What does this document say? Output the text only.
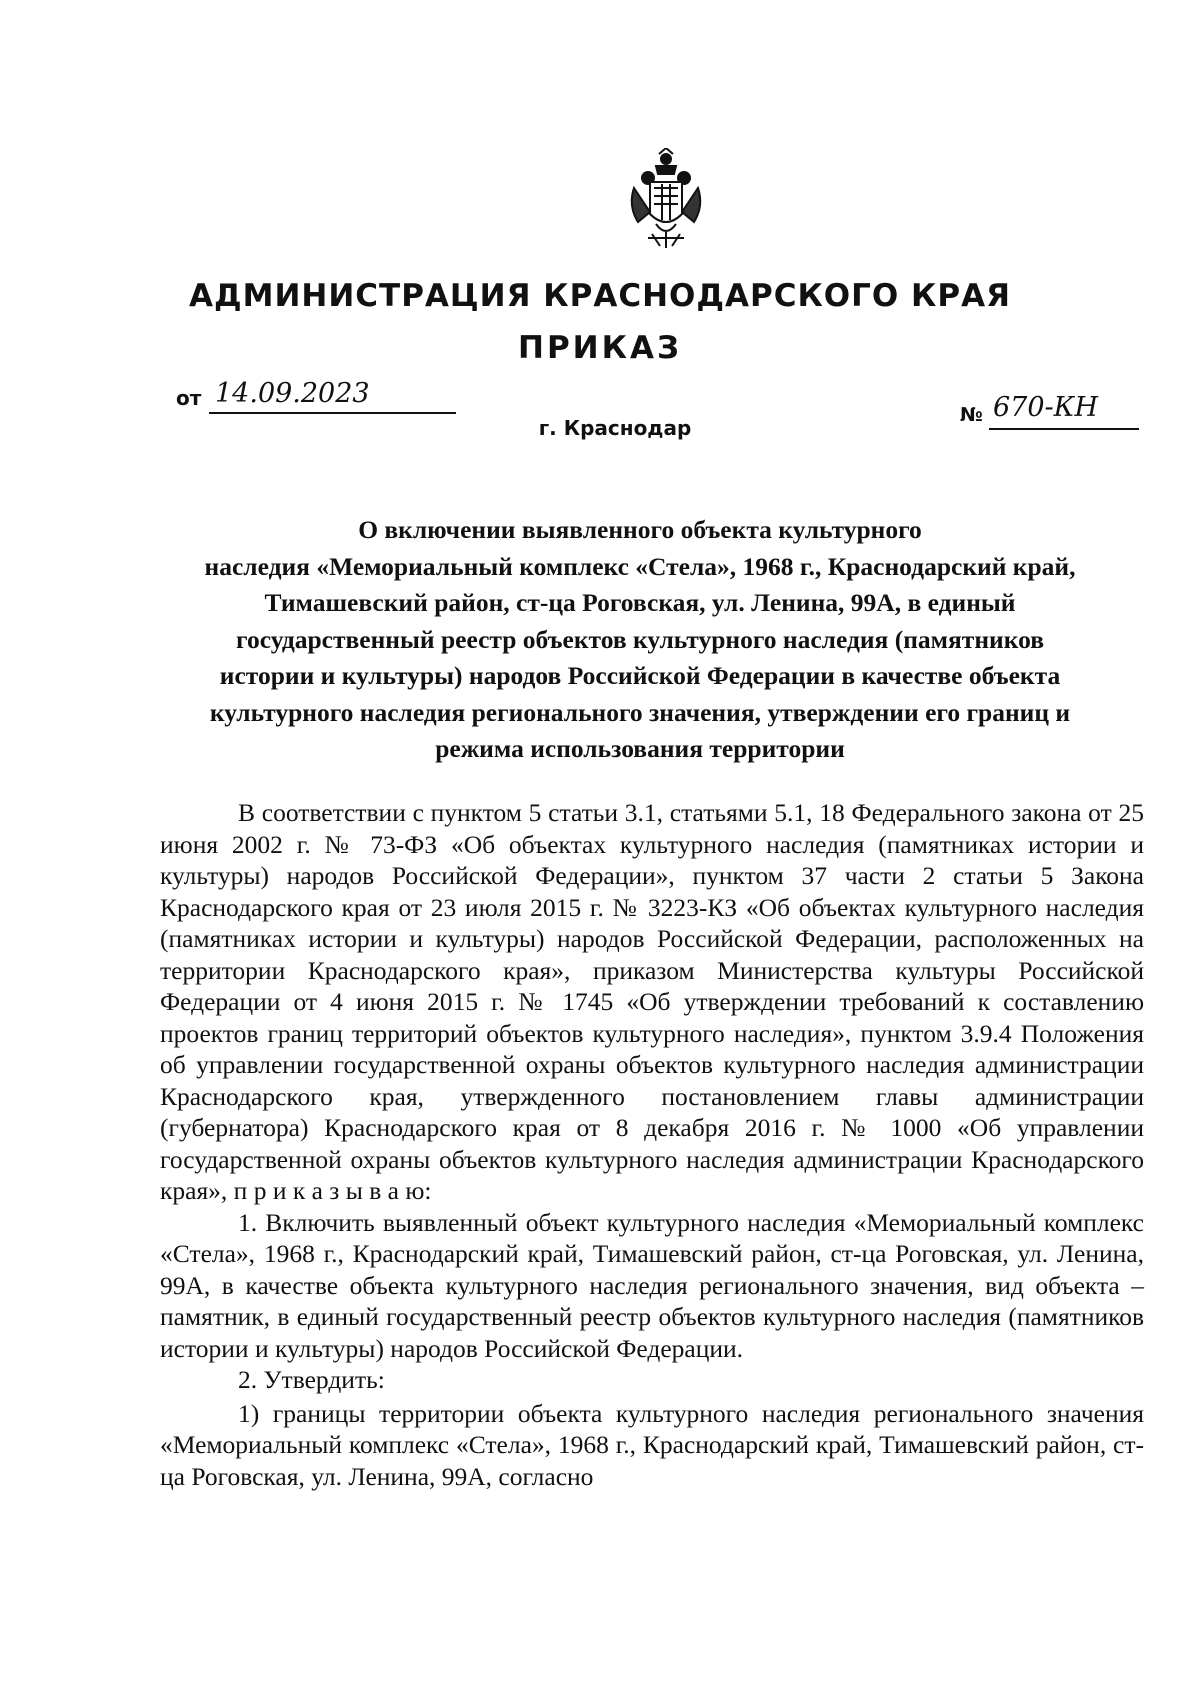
АДМИНИСТРАЦИЯ КРАСНОДАРСКОГО КРАЯ
ПРИКАЗ
от 14.09.2023
г. Краснодар
№ 670-КН
О включении выявленного объекта культурного
наследия «Мемориальный комплекс «Стела», 1968 г., Краснодарский край,
Тимашевский район, ст-ца Роговская, ул. Ленина, 99А, в единый
государственный реестр объектов культурного наследия (памятников
истории и культуры) народов Российской Федерации в качестве объекта
культурного наследия регионального значения, утверждении его границ и
режима использования территории

В соответствии с пунктом 5 статьи 3.1, статьями 5.1, 18 Федерального закона от 25 июня 2002 г. № 73-ФЗ «Об объектах культурного наследия (памятниках истории и культуры) народов Российской Федерации», пунктом 37 части 2 статьи 5 Закона Краснодарского края от 23 июля 2015 г. № 3223-КЗ «Об объектах культурного наследия (памятниках истории и культуры) народов Российской Федерации, расположенных на территории Краснодарского края», приказом Министерства культуры Российской Федерации от 4 июня 2015 г. № 1745 «Об утверждении требований к составлению проектов границ территорий объектов культурного наследия», пунктом 3.9.4 Положения об управлении государственной охраны объектов культурного наследия администрации Краснодарского края, утвержденного постановлением главы администрации (губернатора) Краснодарского края от 8 декабря 2016 г. № 1000 «Об управлении государственной охраны объектов культурного наследия администрации Краснодарского края», п р и к а з ы в а ю:

1. Включить выявленный объект культурного наследия «Мемориальный комплекс «Стела», 1968 г., Краснодарский край, Тимашевский район, ст-ца Роговская, ул. Ленина, 99А, в качестве объекта культурного наследия регионального значения, вид объекта – памятник, в единый государственный реестр объектов культурного наследия (памятников истории и культуры) народов Российской Федерации.

2. Утвердить:

1) границы территории объекта культурного наследия регионального значения «Мемориальный комплекс «Стела», 1968 г., Краснодарский край, Тимашевский район, ст-ца Роговская, ул. Ленина, 99А, согласно
